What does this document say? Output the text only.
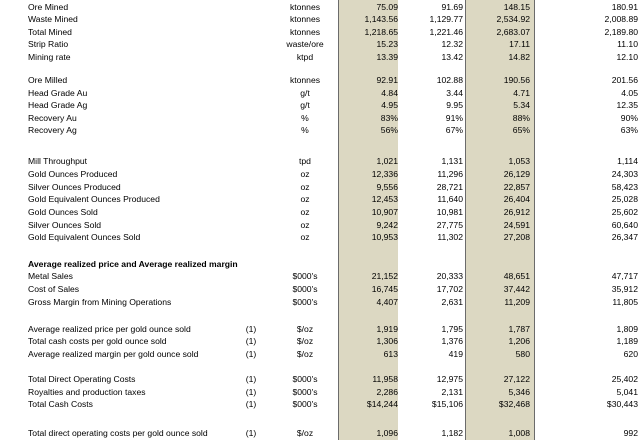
Ore Mined	ktonnes	75.09	91.69	148.15	180.91
Waste Mined	ktonnes	1,143.56	1,129.77	2,534.92	2,008.89
Total Mined	ktonnes	1,218.65	1,221.46	2,683.07	2,189.80
Strip Ratio	waste/ore	15.23	12.32	17.11	11.10
Mining rate	ktpd	13.39	13.42	14.82	12.10
Ore Milled	ktonnes	92.91	102.88	190.56	201.56
Head Grade Au	g/t	4.84	3.44	4.71	4.05
Head Grade Ag	g/t	4.95	9.95	5.34	12.35
Recovery Au	%	83%	91%	88%	90%
Recovery Ag	%	56%	67%	65%	63%
Mill Throughput	tpd	1,021	1,131	1,053	1,114
Gold Ounces Produced	oz	12,336	11,296	26,129	24,303
Silver Ounces Produced	oz	9,556	28,721	22,857	58,423
Gold Equivalent Ounces Produced	oz	12,453	11,640	26,404	25,028
Gold Ounces Sold	oz	10,907	10,981	26,912	25,602
Silver Ounces Sold	oz	9,242	27,775	24,591	60,640
Gold Equivalent Ounces Sold	oz	10,953	11,302	27,208	26,347
Average realized price and Average realized margin
Metal Sales	$000's	21,152	20,333	48,651	47,717
Cost of Sales	$000's	16,745	17,702	37,442	35,912
Gross Margin from Mining Operations	$000's	4,407	2,631	11,209	11,805
Average realized price per gold ounce sold	(1)	$/oz	1,919	1,795	1,787	1,809
Total cash costs per gold ounce sold	(1)	$/oz	1,306	1,376	1,206	1,189
Average realized margin per gold ounce sold	(1)	$/oz	613	419	580	620
Total Direct Operating Costs	(1)	$000's	11,958	12,975	27,122	25,402
Royalties and production taxes	(1)	$000's	2,286	2,131	5,346	5,041
Total Cash Costs	(1)	$000's	$14,244	$15,106	$32,468	$30,443
Total direct operating costs per gold ounce sold	(1)	$/oz	1,096	1,182	1,008	992
